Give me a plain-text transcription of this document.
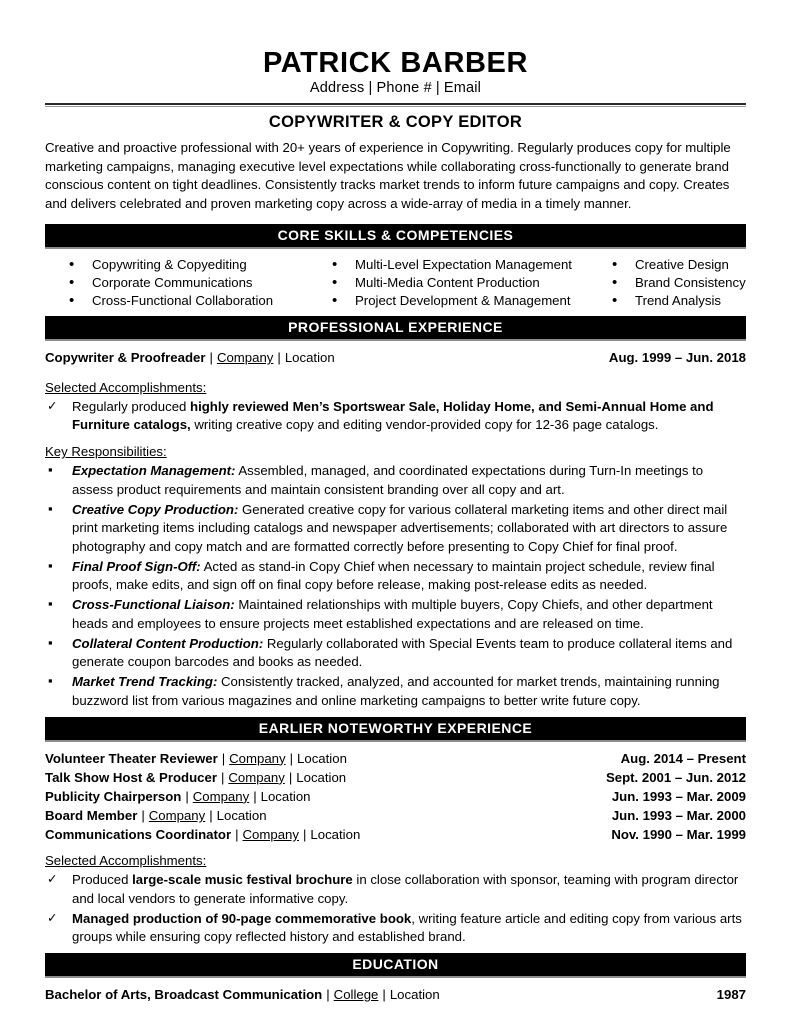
PATRICK BARBER
Address | Phone # | Email
COPYWRITER & COPY EDITOR
Creative and proactive professional with 20+ years of experience in Copywriting. Regularly produces copy for multiple marketing campaigns, managing executive level expectations while collaborating cross-functionally to generate brand conscious content on tight deadlines. Consistently tracks market trends to inform future campaigns and copy. Creates and delivers celebrated and proven marketing copy across a wide-array of media in a timely manner.
CORE SKILLS & COMPETENCIES
• Copywriting & Copyediting
• Corporate Communications
• Cross-Functional Collaboration
• Multi-Level Expectation Management
• Multi-Media Content Production
• Project Development & Management
• Creative Design
• Brand Consistency
• Trend Analysis
PROFESSIONAL EXPERIENCE
Copywriter & Proofreader | Company | Location	Aug. 1999 – Jun. 2018
Selected Accomplishments:
✓ Regularly produced highly reviewed Men’s Sportswear Sale, Holiday Home, and Semi-Annual Home and Furniture catalogs, writing creative copy and editing vendor-provided copy for 12-36 page catalogs.
Key Responsibilities:
▪ Expectation Management: Assembled, managed, and coordinated expectations during Turn-In meetings to assess product requirements and maintain consistent branding over all copy and art.
▪ Creative Copy Production: Generated creative copy for various collateral marketing items and other direct mail print marketing items including catalogs and newspaper advertisements; collaborated with art directors to assure photography and copy match and are formatted correctly before presenting to Copy Chief for final proof.
▪ Final Proof Sign-Off: Acted as stand-in Copy Chief when necessary to maintain project schedule, review final proofs, make edits, and sign off on final copy before release, making post-release edits as needed.
▪ Cross-Functional Liaison: Maintained relationships with multiple buyers, Copy Chiefs, and other department heads and employees to ensure projects meet established expectations and are released on time.
▪ Collateral Content Production: Regularly collaborated with Special Events team to produce collateral items and generate coupon barcodes and books as needed.
▪ Market Trend Tracking: Consistently tracked, analyzed, and accounted for market trends, maintaining running buzzword list from various magazines and online marketing campaigns to better write future copy.
EARLIER NOTEWORTHY EXPERIENCE
Volunteer Theater Reviewer | Company | Location	Aug. 2014 – Present
Talk Show Host & Producer | Company | Location	Sept. 2001 – Jun. 2012
Publicity Chairperson | Company | Location	Jun. 1993 – Mar. 2009
Board Member | Company | Location	Jun. 1993 – Mar. 2000
Communications Coordinator | Company | Location	Nov. 1990 – Mar. 1999
Selected Accomplishments:
✓ Produced large-scale music festival brochure in close collaboration with sponsor, teaming with program director and local vendors to generate informative copy.
✓ Managed production of 90-page commemorative book, writing feature article and editing copy from various arts groups while ensuring copy reflected history and established brand.
EDUCATION
Bachelor of Arts, Broadcast Communication | College | Location	1987
